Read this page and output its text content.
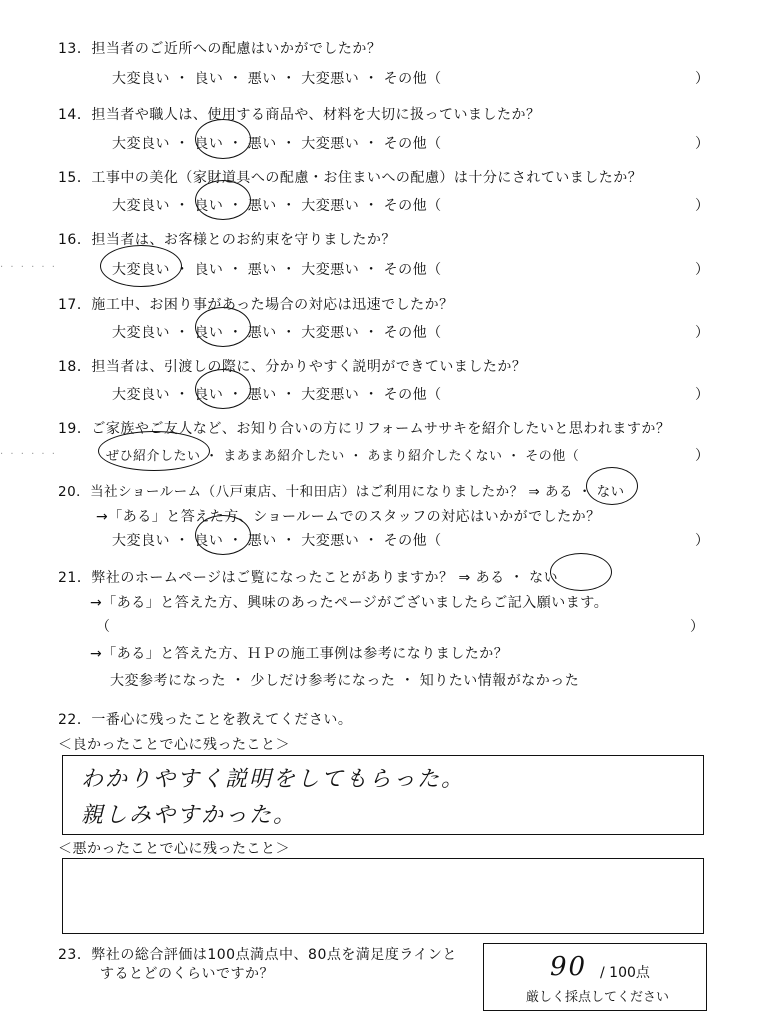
13．担当者のご近所への配慮はいかがでしたか？
大変良い ・ 良い ・ 悪い ・ 大変悪い ・ その他（	）
14．担当者や職人は、使用する商品や、材料を大切に扱っていましたか？
大変良い ・ 良い ・ 悪い ・ 大変悪い ・ その他（	）
15．工事中の美化（家財道具への配慮・お住まいへの配慮）は十分にされていましたか？
大変良い ・ 良い ・ 悪い ・ 大変悪い ・ その他（	）
16．担当者は、お客様とのお約束を守りましたか？
· · · · · ·	大変良い ・ 良い ・ 悪い ・ 大変悪い ・ その他（	）
17．施工中、お困り事があった場合の対応は迅速でしたか？
大変良い ・ 良い ・ 悪い ・ 大変悪い ・ その他（	）
18．担当者は、引渡しの際に、分かりやすく説明ができていましたか？
大変良い ・ 良い ・ 悪い ・ 大変悪い ・ その他（	）
19．ご家族やご友人など、お知り合いの方にリフォームササキを紹介したいと思われますか？
· · · · · ·	ぜひ紹介したい ・ まあまあ紹介したい ・ あまり紹介したくない ・ その他（	）
20．当社ショールーム（八戸東店、十和田店）はご利用になりましたか？ ⇒ ある ・ ない
→「ある」と答えた方、ショールームでのスタッフの対応はいかがでしたか？
大変良い ・ 良い ・ 悪い ・ 大変悪い ・ その他（	）
21．弊社のホームページはご覧になったことがありますか？ ⇒ ある ・ ない
→「ある」と答えた方、興味のあったページがございましたらご記入願います。
（	）
→「ある」と答えた方、ＨＰの施工事例は参考になりましたか？
大変参考になった ・ 少しだけ参考になった ・ 知りたい情報がなかった
22．一番心に残ったことを教えてください。
＜良かったことで心に残ったこと＞
わかりやすく説明をしてもらった。
親しみやすかった。
＜悪かったことで心に残ったこと＞
23．弊社の総合評価は100点満点中、80点を満足度ラインと
するとどのくらいですか？	90 / 100点
厳しく採点してください
